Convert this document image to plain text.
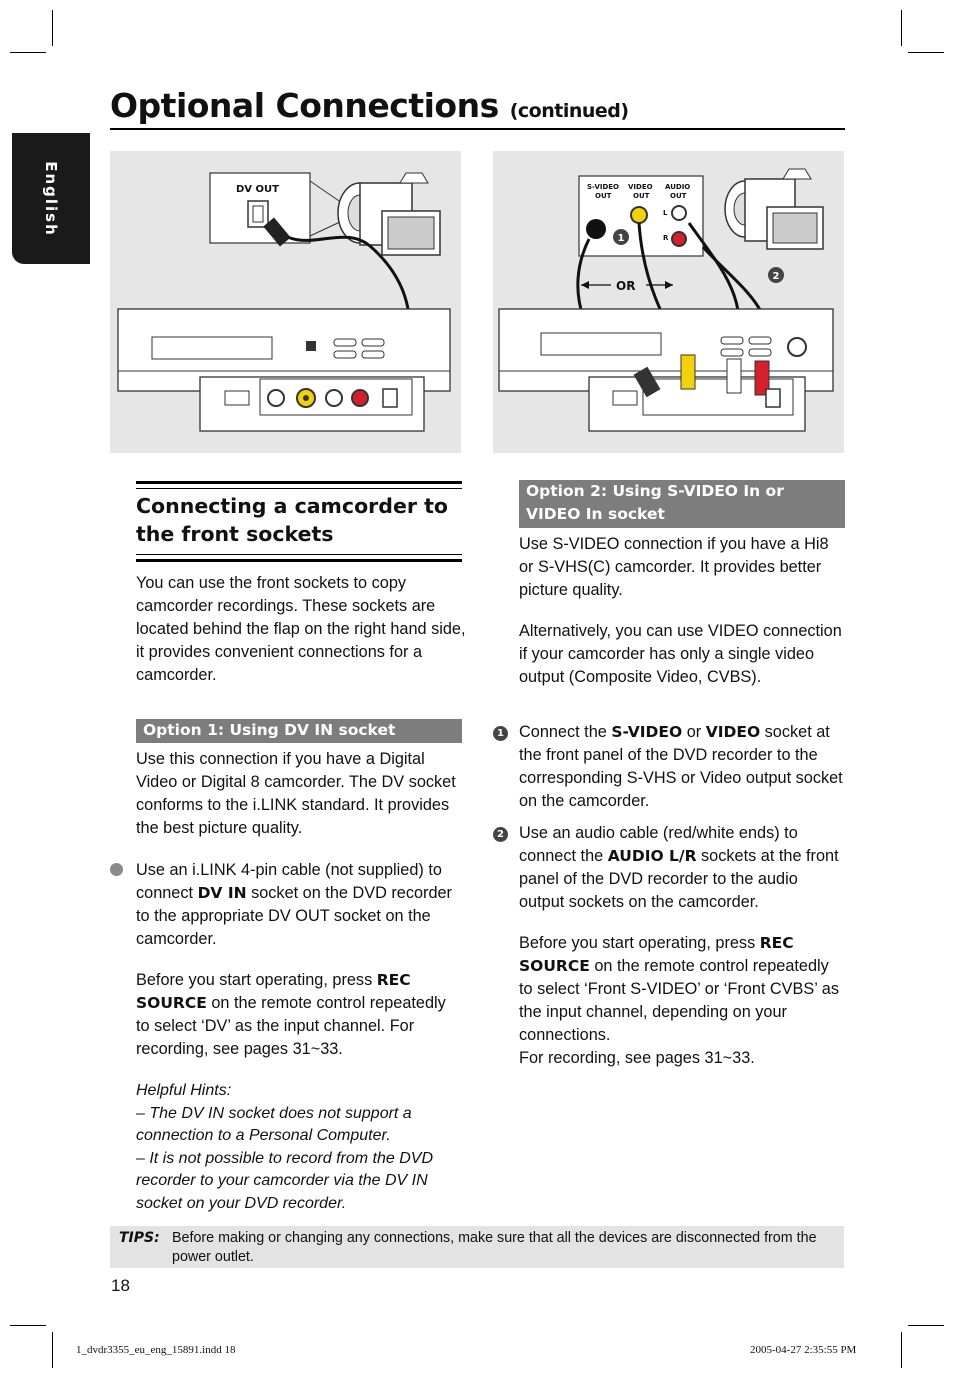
Optional Connections (continued)
English	DV OUT	S-VIDEO OUT
VIDEO OUT
AUDIO OUT
L
R
1
2
OR
Connecting a camcorder to the front sockets
You can use the front sockets to copy camcorder recordings. These sockets are located behind the flap on the right hand side, it provides convenient connections for a camcorder.
Option 1: Using DV IN socket
Use this connection if you have a Digital Video or Digital 8 camcorder. The DV socket conforms to the i.LINK standard. It provides the best picture quality.
Use an i.LINK 4-pin cable (not supplied) to connect DV IN socket on the DVD recorder to the appropriate DV OUT socket on the camcorder.
Before you start operating, press REC SOURCE on the remote control repeatedly to select ‘DV’ as the input channel. For recording, see pages 31~33.
Helpful Hints:
– The DV IN socket does not support a connection to a Personal Computer.
– It is not possible to record from the DVD recorder to your camcorder via the DV IN socket on your DVD recorder.
Option 2: Using S-VIDEO In or
VIDEO In socket
Use S-VIDEO connection if you have a Hi8 or S-VHS(C) camcorder. It provides better picture quality.
Alternatively, you can use VIDEO connection if your camcorder has only a single video output (Composite Video, CVBS).
1 Connect the S-VIDEO or VIDEO socket at the front panel of the DVD recorder to the corresponding S-VHS or Video output socket on the camcorder.
2 Use an audio cable (red/white ends) to connect the AUDIO L/R sockets at the front panel of the DVD recorder to the audio output sockets on the camcorder.
Before you start operating, press REC SOURCE on the remote control repeatedly to select ‘Front S-VIDEO’ or ‘Front CVBS’ as the input channel, depending on your connections.
For recording, see pages 31~33.
TIPS: Before making or changing any connections, make sure that all the devices are disconnected from the power outlet.
18
1_dvdr3355_eu_eng_15891.indd 18	2005-04-27 2:35:55 PM
